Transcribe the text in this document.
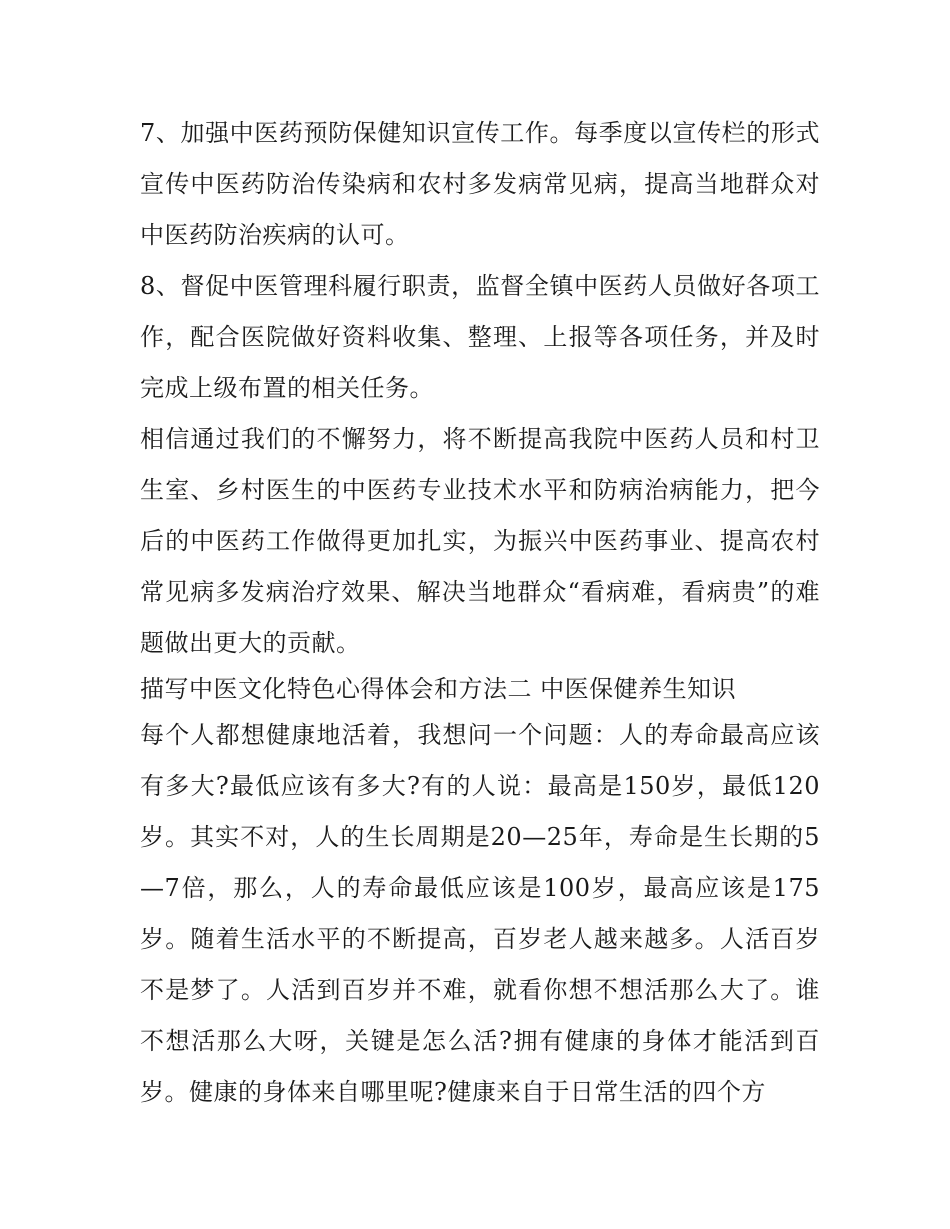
7、加强中医药预防保健知识宣传工作。每季度以宣传栏的形式宣传中医药防治传染病和农村多发病常见病，提高当地群众对中医药防治疾病的认可。

8、督促中医管理科履行职责，监督全镇中医药人员做好各项工作，配合医院做好资料收集、整理、上报等各项任务，并及时完成上级布置的相关任务。

相信通过我们的不懈努力，将不断提高我院中医药人员和村卫生室、乡村医生的中医药专业技术水平和防病治病能力，把今后的中医药工作做得更加扎实，为振兴中医药事业、提高农村常见病多发病治疗效果、解决当地群众“看病难，看病贵”的难题做出更大的贡献。

描写中医文化特色心得体会和方法二 中医保健养生知识

每个人都想健康地活着，我想问一个问题：人的寿命最高应该有多大?最低应该有多大?有的人说：最高是150岁，最低120岁。其实不对，人的生长周期是20—25年，寿命是生长期的5—7倍，那么，人的寿命最低应该是100岁，最高应该是175岁。随着生活水平的不断提高，百岁老人越来越多。人活百岁不是梦了。人活到百岁并不难，就看你想不想活那么大了。谁不想活那么大呀，关键是怎么活?拥有健康的身体才能活到百岁。健康的身体来自哪里呢?健康来自于日常生活的四个方
